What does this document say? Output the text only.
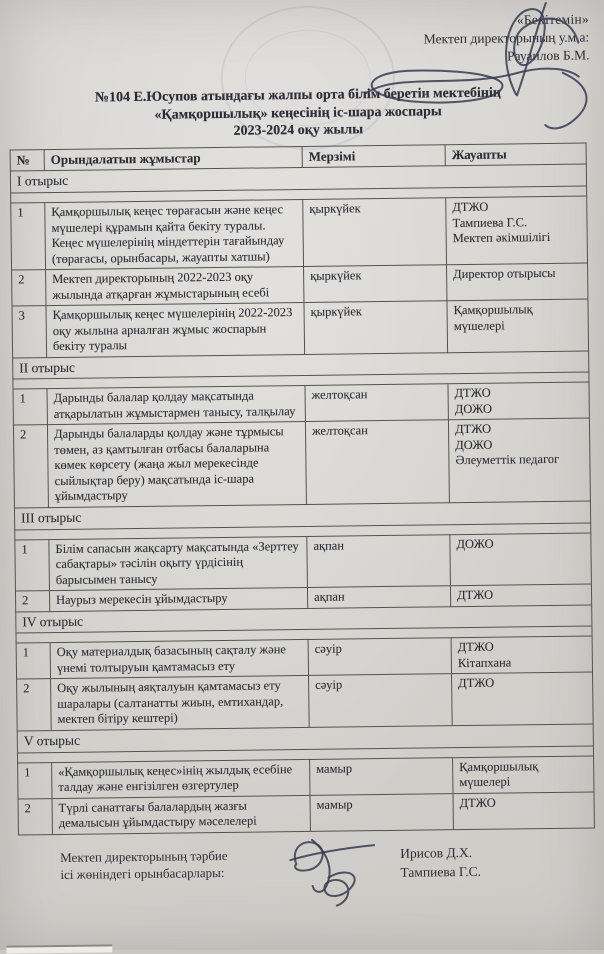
«Бекітемін»
Мектеп директорының у.м.а:
Рауаилов Б.М.
№104 Е.Юсупов атындағы жалпы орта білім беретін мектебінің
«Қамқоршылық» кеңесінің іс-шара жоспары
2023-2024 оқу жылы
№	Орындалатын жұмыстар	Мерзімі	Жауапты
I отырыс			

1	Қамқоршылық кеңес төрағасын және кеңес мүшелері құрамын қайта бекіту туралы. Кеңес мүшелерінің міндеттерін тағайындау (төрағасы, орынбасары, жауапты хатшы)	қыркүйек	ДТЖО
Тампиева Г.С.
Мектеп әкімшілігі
2	Мектеп директорының 2022-2023 оқу жылында атқарған жұмыстарының есебі	қыркүйек	Директор отырысы
3	Қамқоршылық кеңес мүшелерінің 2022-2023 оқу жылына арналған жұмыс жоспарын бекіту туралы	қыркүйек	Қамқоршылық
мүшелері
II отырыс			

1	Дарынды балалар қолдау мақсатында атқарылатын жұмыстармен танысу, талқылау	желтоқсан	ДТЖО
ДОЖО
2	Дарынды балаларды қолдау және тұрмысы төмен, аз қамтылған отбасы балаларына көмек көрсету (жаңа жыл мерекесінде сыйлықтар беру) мақсатында іс-шара ұйымдастыру	желтоқсан	ДТЖО
ДОЖО
Әлеуметтік педагог
III отырыс			

1	Білім сапасын жақсарту мақсатында «Зерттеу сабақтары» тәсілін оқыту үрдісінің барысымен танысу	ақпан	ДОЖО
2	Наурыз мерекесін ұйымдастыру	ақпан	ДТЖО
IV отырыс			

1	Оқу материалдық базасының сақталу және үнемі толтыруын қамтамасыз ету	сәуір	ДТЖО
Кітапхана
2	Оқу жылының аяқталуын қамтамасыз ету шаралары (салтанатты жиын, емтихандар, мектеп бітіру кештері)	сәуір	ДТЖО
V отырыс			

1	«Қамқоршылық кеңес»інің жылдық есебіне талдау және енгізілген өзгертулер	мамыр	Қамқоршылық
мүшелері
2	Түрлі санаттағы балалардың жазғы демалысын ұйымдастыру мәселелері	мамыр	ДТЖО
Мектеп директорының тәрбие
ісі жөніндегі орынбасарлары:
Ирисов Д.Х.
Тампиева Г.С.
